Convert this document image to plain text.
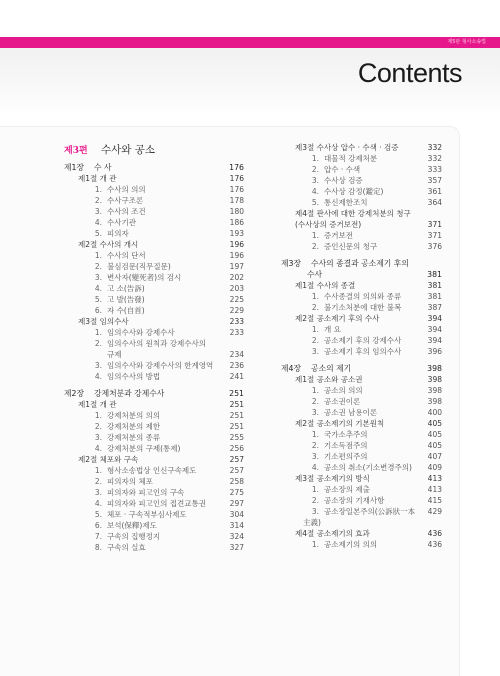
제5판 형사소송법
Contents
제3편 수사와 공소
제1장 수 사	176
제1절 개 관	176
1. 수사의 의의	176
2. 수사구조론	178
3. 수사의 조건	180
4. 수사기관	186
5. 피의자	193
제2절 수사의 개시	196
1. 수사의 단서	196
2. 불심검문(직무질문)	197
3. 변사자(變死者)의 검시	202
4. 고 소(告訴)	203
5. 고 발(告發)	225
6. 자 수(自首)	229
제3절 임의수사	233
1. 임의수사와 강제수사	233
2. 임의수사의 원칙과 강제수사의
규제	234
3. 임의수사와 강제수사의 한계영역	236
4. 임의수사의 방법	241
제2장 강제처분과 강제수사	251
제1절 개 관	251
1. 강제처분의 의의	251
2. 강제처분의 제한	251
3. 강제처분의 종류	255
4. 강제처분의 구제(통제)	256
제2절 체포와 구속	257
1. 형사소송법상 인신구속제도	257
2. 피의자의 체포	258
3. 피의자와 피고인의 구속	275
4. 피의자와 피고인의 접견교통권	297
5. 체포 · 구속적부심사제도	304
6. 보석(保釋)제도	314
7. 구속의 집행정지	324
8. 구속의 실효	327
제3절 수사상 압수 · 수색 · 검증	332
1. 대물적 강제처분	332
2. 압수 · 수색	333
3. 수사상 검증	357
4. 수사상 감정(鑑定)	361
5. 통신제한조치	364
제4절 판사에 대한 강제처분의 청구
(수사상의 증거보전)	371
1. 증거보전	371
2. 증인신문의 청구	376
제3장 수사의 종결과 공소제기 후의
수사	381
제1절 수사의 종결	381
1. 수사종결의 의의와 종류	381
2. 불기소처분에 대한 불복	387
제2절 공소제기 후의 수사	394
1. 개 요	394
2. 공소제기 후의 강제수사	394
3. 공소제기 후의 임의수사	396
제4장 공소의 제기	398
제1절 공소와 공소권	398
1. 공소의 의의	398
2. 공소권이론	398
3. 공소권 남용이론	400
제2절 공소제기의 기본원칙	405
1. 국가소추주의	405
2. 기소독점주의	405
3. 기소편의주의	407
4. 공소의 취소(기소변경주의)	409
제3절 공소제기의 방식	413
1. 공소장의 제출	413
2. 공소장의 기재사항	415
3. 공소장일본주의(公訴狀一本主義)
429
제4절 공소제기의 효과	436
1. 공소제기의 의의	436
